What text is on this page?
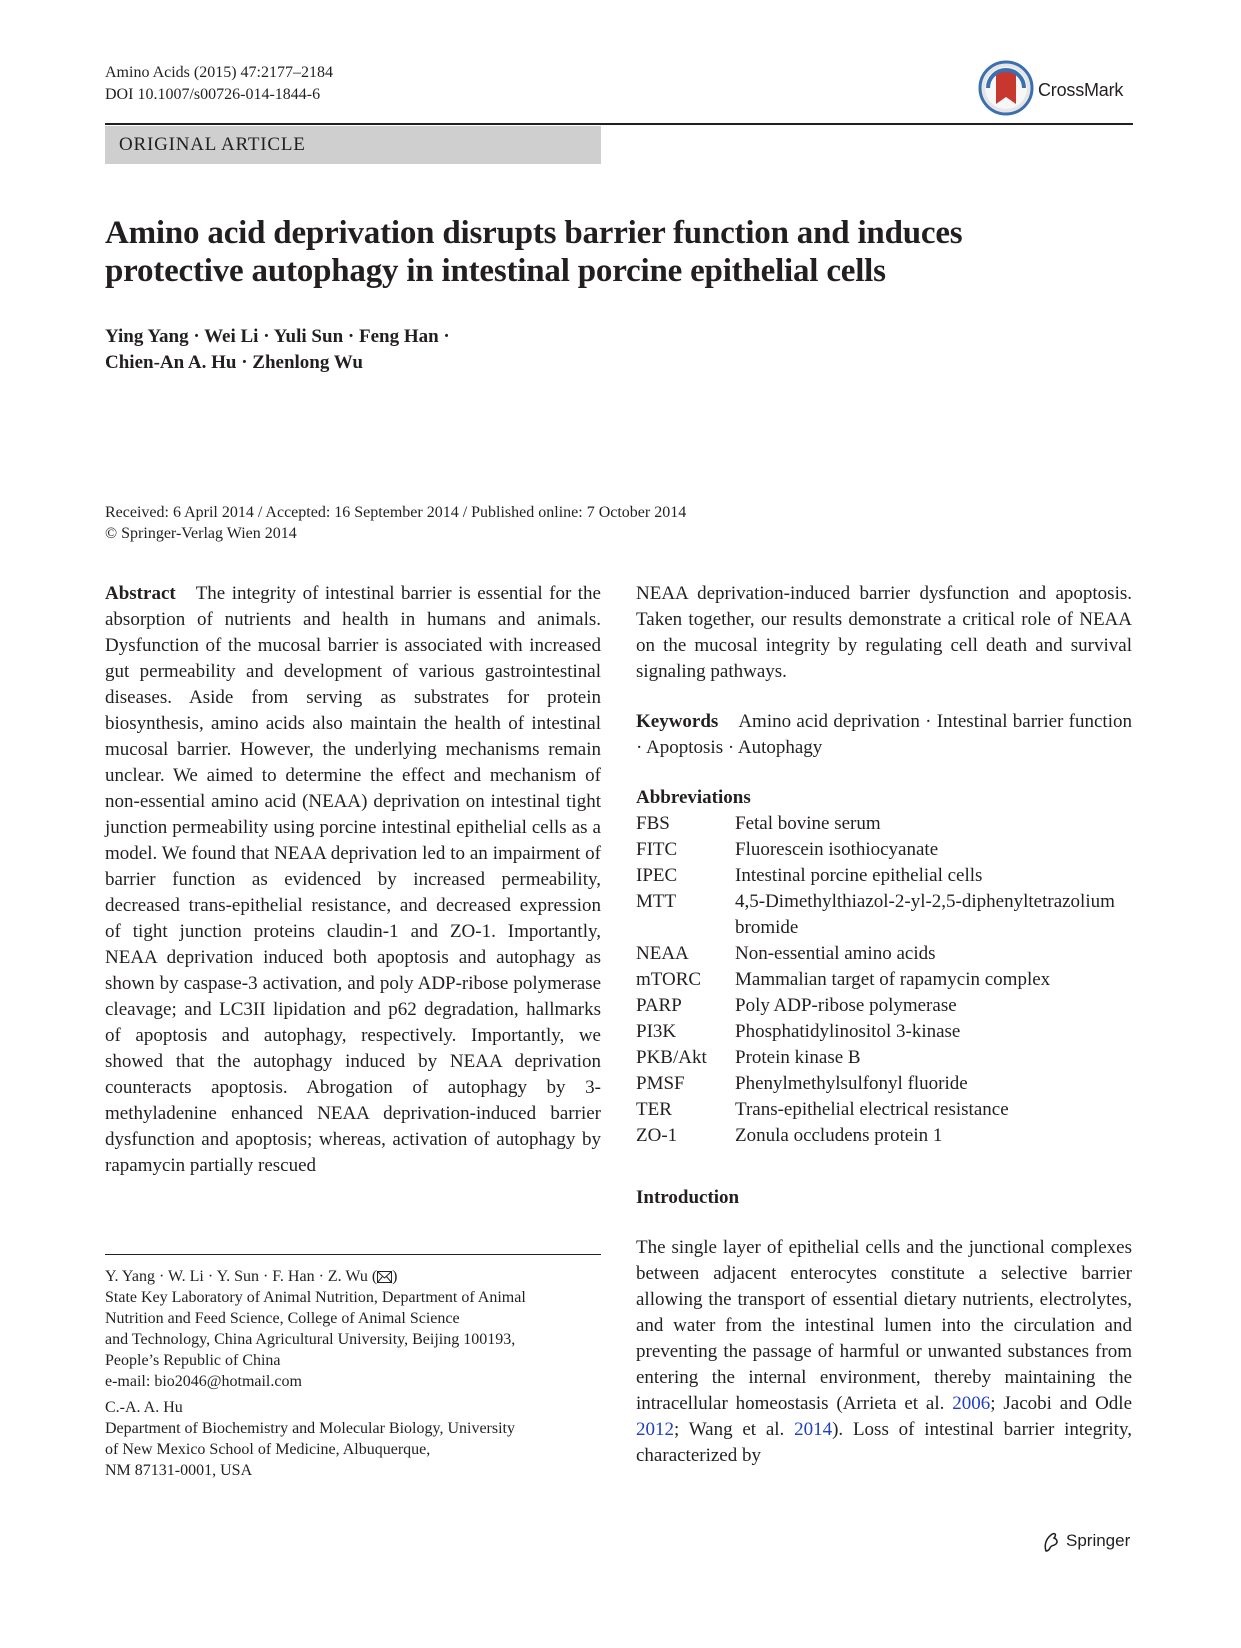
Amino Acids (2015) 47:2177–2184
DOI 10.1007/s00726-014-1844-6	CrossMark
ORIGINAL ARTICLE
Amino acid deprivation disrupts barrier function and induces
protective autophagy in intestinal porcine epithelial cells
Ying Yang · Wei Li · Yuli Sun · Feng Han ·
Chien-An A. Hu · Zhenlong Wu
Received: 6 April 2014 / Accepted: 16 September 2014 / Published online: 7 October 2014
© Springer-Verlag Wien 2014

Abstract The integrity of intestinal barrier is essential for the absorption of nutrients and health in humans and animals. Dysfunction of the mucosal barrier is associated with increased gut permeability and development of various gastrointestinal diseases. Aside from serving as substrates for protein biosynthesis, amino acids also maintain the health of intestinal mucosal barrier. However, the underlying mechanisms remain unclear. We aimed to determine the effect and mechanism of non-essential amino acid (NEAA) deprivation on intestinal tight junction permeability using porcine intestinal epithelial cells as a model. We found that NEAA deprivation led to an impairment of barrier function as evidenced by increased permeability, decreased trans-epithelial resistance, and decreased expression of tight junction proteins claudin-1 and ZO-1. Importantly, NEAA deprivation induced both apoptosis and autophagy as shown by caspase-3 activation, and poly ADP-ribose polymerase cleavage; and LC3II lipidation and p62 degradation, hallmarks of apoptosis and autophagy, respectively. Importantly, we showed that the autophagy induced by NEAA deprivation counteracts apoptosis. Abrogation of autophagy by 3-methyladenine enhanced NEAA deprivation-induced barrier dysfunction and apoptosis; whereas, activation of autophagy by rapamycin partially rescued

NEAA deprivation-induced barrier dysfunction and apoptosis. Taken together, our results demonstrate a critical role of NEAA on the mucosal integrity by regulating cell death and survival signaling pathways.

Keywords Amino acid deprivation · Intestinal barrier function · Apoptosis · Autophagy

Abbreviations
FBS	Fetal bovine serum
FITC	Fluorescein isothiocyanate
IPEC	Intestinal porcine epithelial cells
MTT	4,5-Dimethylthiazol-2-yl-2,5-diphenyltetrazolium bromide
NEAA	Non-essential amino acids
mTORC	Mammalian target of rapamycin complex
PARP	Poly ADP-ribose polymerase
PI3K	Phosphatidylinositol 3-kinase
PKB/Akt	Protein kinase B
PMSF	Phenylmethylsulfonyl fluoride
TER	Trans-epithelial electrical resistance
ZO-1	Zonula occludens protein 1
Introduction

The single layer of epithelial cells and the junctional complexes between adjacent enterocytes constitute a selective barrier allowing the transport of essential dietary nutrients, electrolytes, and water from the intestinal lumen into the circulation and preventing the passage of harmful or unwanted substances from entering the internal environment, thereby maintaining the intracellular homeostasis (Arrieta et al. 2006; Jacobi and Odle 2012; Wang et al. 2014). Loss of intestinal barrier integrity, characterized by

Y. Yang · W. Li · Y. Sun · F. Han · Z. Wu ( )
State Key Laboratory of Animal Nutrition, Department of Animal
Nutrition and Feed Science, College of Animal Science
and Technology, China Agricultural University, Beijing 100193,
People’s Republic of China
e-mail: bio2046@hotmail.com
C.-A. A. Hu
Department of Biochemistry and Molecular Biology, University
of New Mexico School of Medicine, Albuquerque,
NM 87131-0001, USA
Springer
